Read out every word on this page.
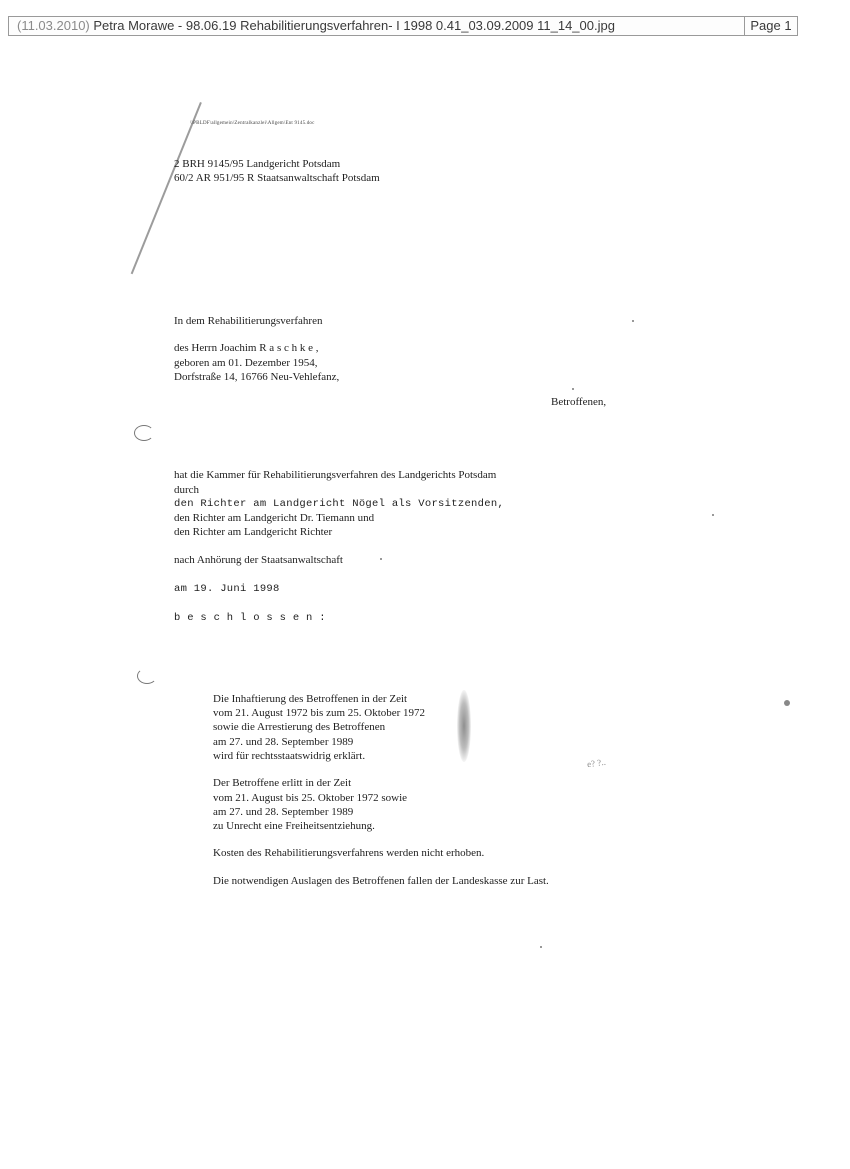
(11.03.2010) Petra Morawe - 98.06.19 Rehabilitierungsverfahren- I 1998 0.41_03.09.2009 11_14_00.jpg	Page 1
e? ?..
\\PBLDF\allgemein\Zentralkanzlei\Allgem\Ent 9145.doc
2 BRH 9145/95 Landgericht Potsdam
60/2 AR 951/95 R Staatsanwaltschaft Potsdam
In dem Rehabilitierungsverfahren
des Herrn Joachim R a s c h k e ,
geboren am 01. Dezember 1954,
Dorfstraße 14, 16766 Neu-Vehlefanz,
Betroffenen,
hat die Kammer für Rehabilitierungsverfahren des Landgerichts Potsdam
durch
den Richter am Landgericht Nögel als Vorsitzenden,
den Richter am Landgericht Dr. Tiemann und
den Richter am Landgericht Richter
nach Anhörung der Staatsanwaltschaft
am 19. Juni 1998
b e s c h l o s s e n :
Die Inhaftierung des Betroffenen in der Zeit
vom 21. August 1972 bis zum 25. Oktober 1972
sowie die Arrestierung des Betroffenen
am 27. und 28. September 1989
wird für rechtsstaatswidrig erklärt.
Der Betroffene erlitt in der Zeit
vom 21. August bis 25. Oktober 1972 sowie
am 27. und 28. September 1989
zu Unrecht eine Freiheitsentziehung.
Kosten des Rehabilitierungsverfahrens werden nicht erhoben.
Die notwendigen Auslagen des Betroffenen fallen der Landeskasse zur Last.
